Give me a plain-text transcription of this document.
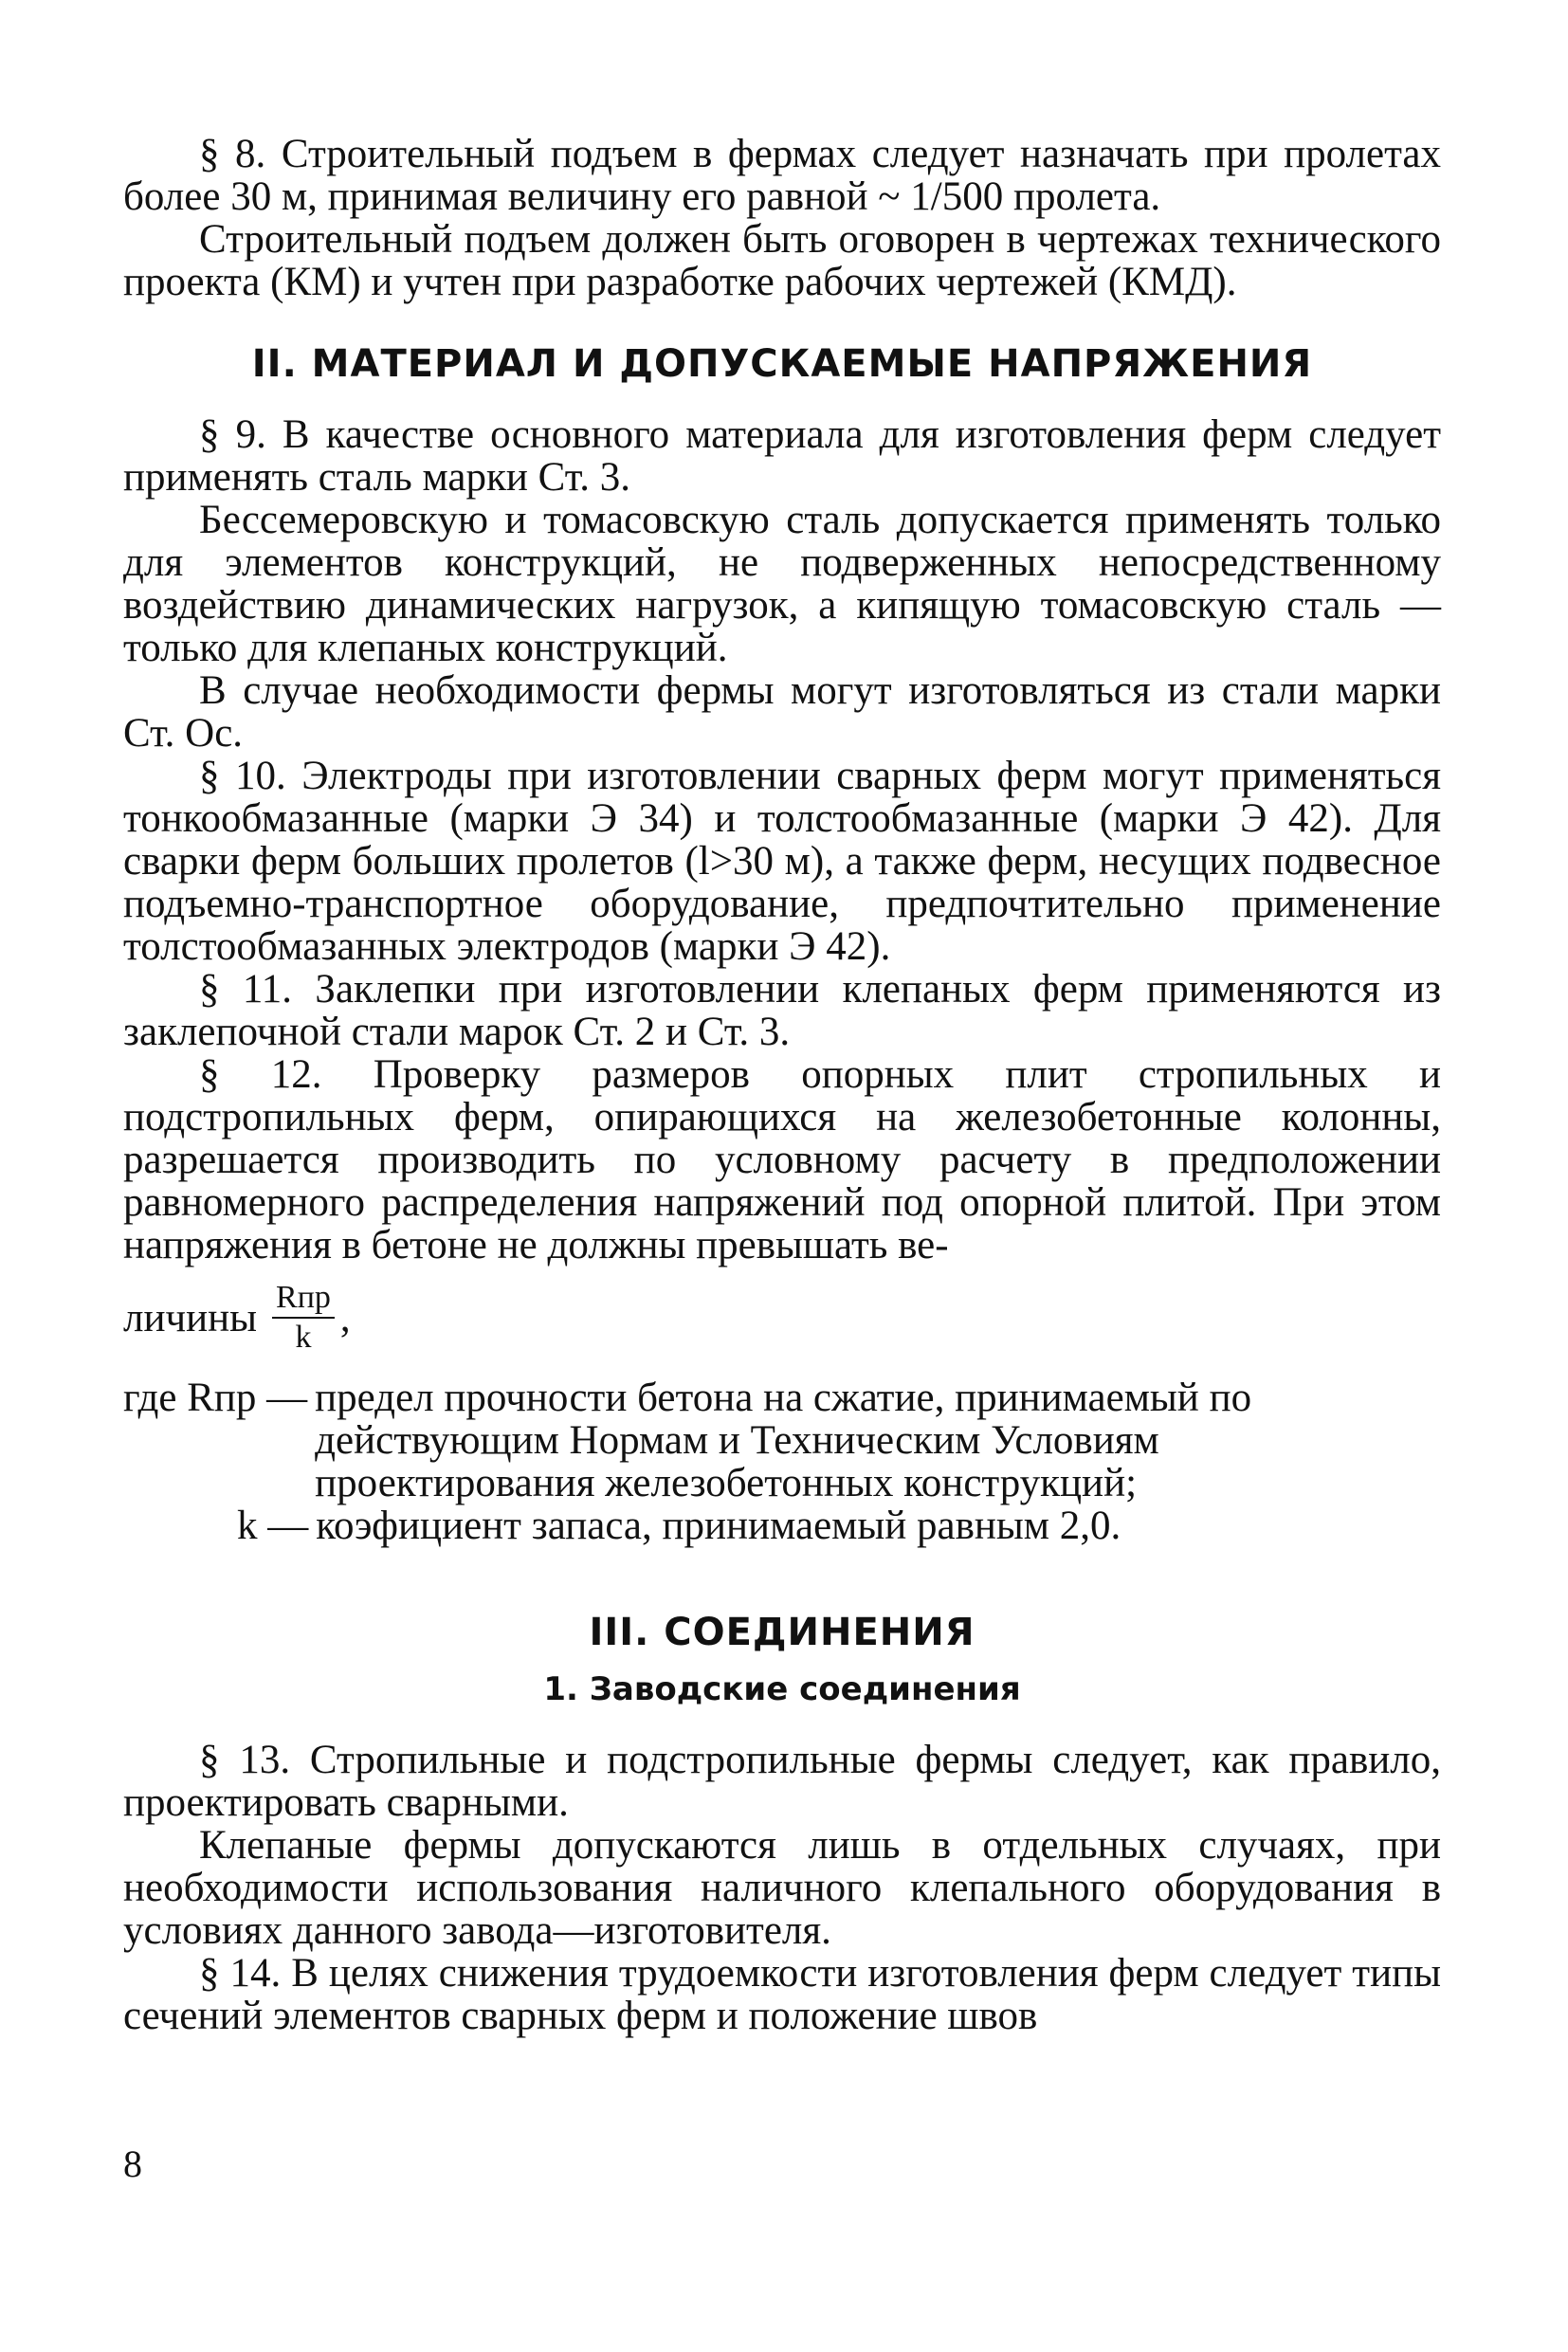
§ 8. Строительный подъем в фермах следует назначать при пролетах более 30 м, принимая величину его равной ~ 1/500 пролета.

Строительный подъем должен быть оговорен в чертежах технического проекта (КМ) и учтен при разработке рабочих чертежей (КМД).

II. МАТЕРИАЛ И ДОПУСКАЕМЫЕ НАПРЯЖЕНИЯ

§ 9. В качестве основного материала для изготовления ферм следует применять сталь марки Ст. 3.

Бессемеровскую и томасовскую сталь допускается применять только для элементов конструкций, не подверженных непосредственному воздействию динамических нагрузок, а кипящую томасовскую сталь — только для клепаных конструкций.

В случае необходимости фермы могут изготовляться из стали марки Ст. Ос.

§ 10. Электроды при изготовлении сварных ферм могут применяться тонкообмазанные (марки Э 34) и толстообмазанные (марки Э 42). Для сварки ферм больших пролетов (l>30 м), а также ферм, несущих подвесное подъемно-транспортное оборудование, предпочтительно применение толстообмазанных электродов (марки Э 42).

§ 11. Заклепки при изготовлении клепаных ферм применяются из заклепочной стали марок Ст. 2 и Ст. 3.

§ 12. Проверку размеров опорных плит стропильных и подстропильных ферм, опирающихся на железобетонные колонны, разрешается производить по условному расчету в предположении равномерного распределения напряжений под опорной плитой. При этом напряжения в бетоне не должны превышать ве-

личины $\frac{\text{Rпр}}{k}$ ,
где Rпр — предел прочности бетона на сжатие, принимаемый по действующим Нормам и Техническим Условиям проектирования железобетонных конструкций;
k — коэфициент запаса, принимаемый равным 2,0.
III. СОЕДИНЕНИЯ
1. Заводские соединения

§ 13. Стропильные и подстропильные фермы следует, как правило, проектировать сварными.

Клепаные фермы допускаются лишь в отдельных случаях, при необходимости использования наличного клепального оборудования в условиях данного завода—изготовителя.

§ 14. В целях снижения трудоемкости изготовления ферм следует типы сечений элементов сварных ферм и положение швов

8
